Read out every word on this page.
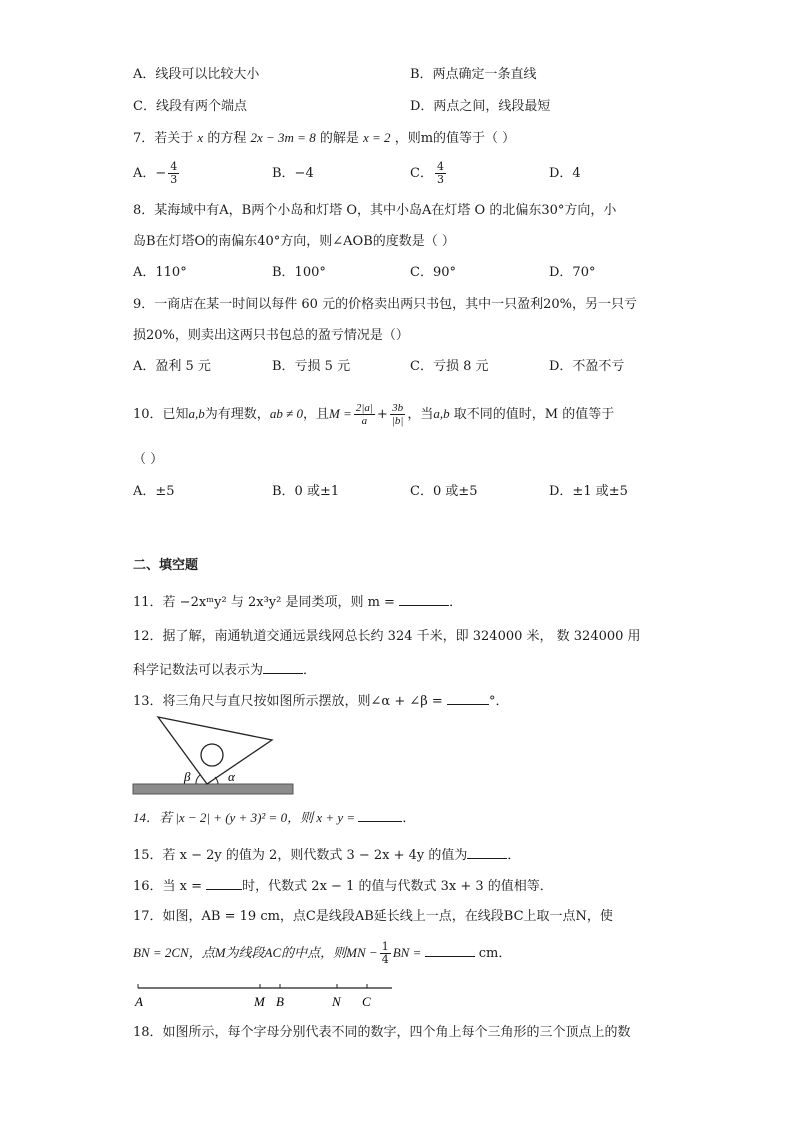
A．线段可以比较大小	B．两点确定一条直线
C．线段有两个端点	D．两点之间，线段最短
7．若关于 x 的方程 2x − 3m = 8 的解是 x = 2 ，则m的值等于（ ）
A．− $\frac{4}{3}$	B．−4	C． $\frac{4}{3}$	D．4
8．某海域中有A，B两个小岛和灯塔 O，其中小岛A在灯塔 O 的北偏东30°方向，小
岛B在灯塔O的南偏东40°方向，则∠AOB的度数是（ ）
A．110°	B．100°	C．90°	D．70°
9．一商店在某一时间以每件 60 元的价格卖出两只书包，其中一只盈利20%，另一只亏
损20%，则卖出这两只书包总的盈亏情况是（）
A．盈利 5 元	B．亏损 5 元	C．亏损 8 元	D．不盈不亏
10．已知a,b为有理数，ab ≠ 0，且$M = \frac{2|a|}{a} + \frac{3b}{|b|}$ ，当a,b 取不同的值时，M 的值等于
（ ）
A．±5	B．0 或±1	C．0 或±5	D．±1 或±5
二、填空题
11．若 −2xᵐy² 与 2x³y² 是同类项，则 m =	．
12．据了解，南通轨道交通远景线网总长约 324 千米，即 324000 米， 数 324000 用
科学记数法可以表示为	．
13．将三角尺与直尺按如图所示摆放，则∠α + ∠β =	°．
β	α
14．若 |x − 2| + (y + 3)² = 0，则 x + y =	．
15．若 x − 2y 的值为 2，则代数式 3 − 2x + 4y 的值为	．
16．当 x =	时，代数式 2x − 1 的值与代数式 3x + 3 的值相等．
17．如图，AB = 19 cm，点C是线段AB延长线上一点，在线段BC上取一点N，使
BN = 2CN，点M为线段AC的中点，则MN − $\frac{1}{4}$ BN =	cm．
A	M B	N C
18．如图所示，每个字母分别代表不同的数字，四个角上每个三角形的三个顶点上的数
